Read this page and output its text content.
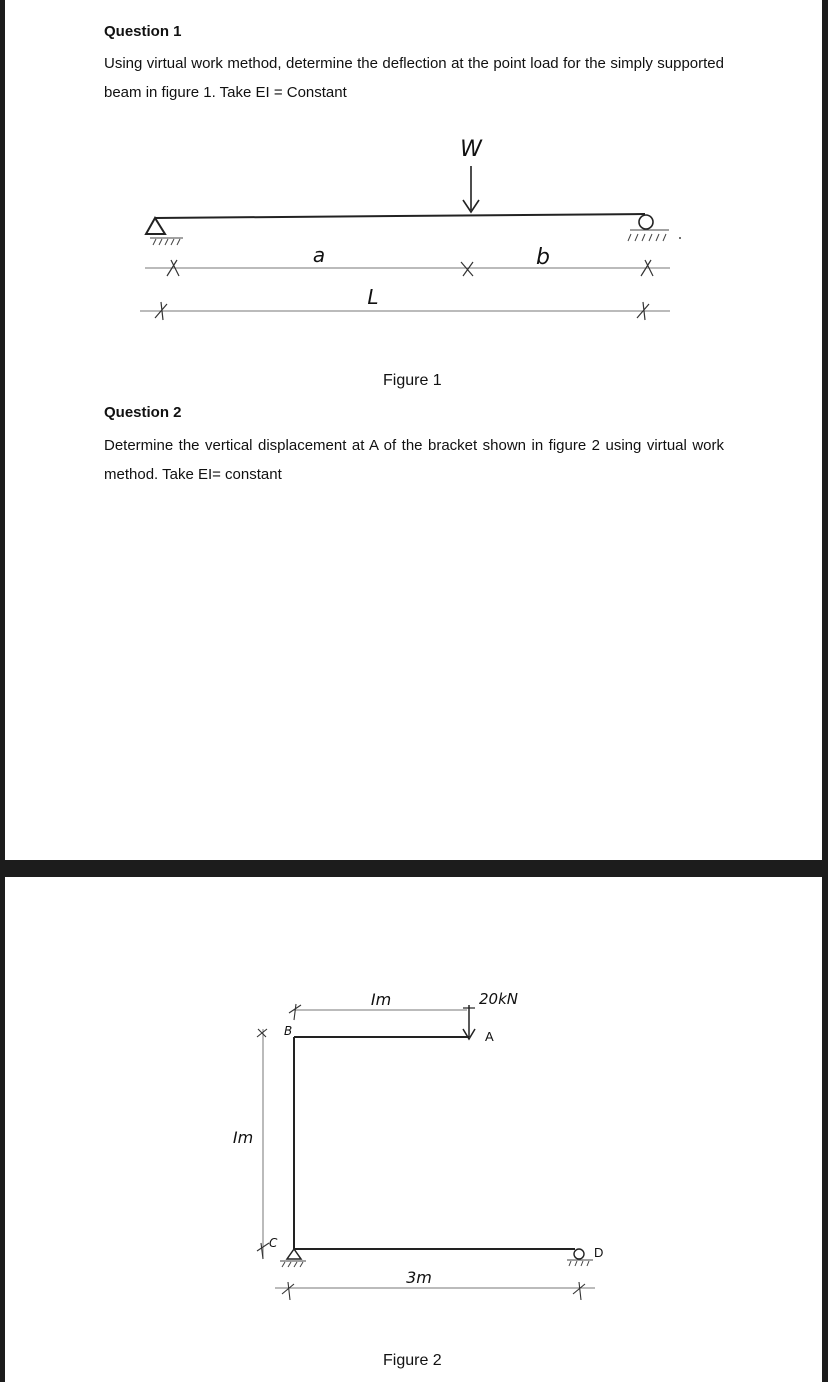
Question 1
Using virtual work method, determine the deflection at the point load for the simply supported beam in figure 1. Take EI = Constant
W
a	b
L
Figure 1
Question 2
Determine the vertical displacement at A of the bracket shown in figure 2 using virtual work method. Take EI= constant
20kN
A
Im
B
Im
C
3m
D
Figure 2
